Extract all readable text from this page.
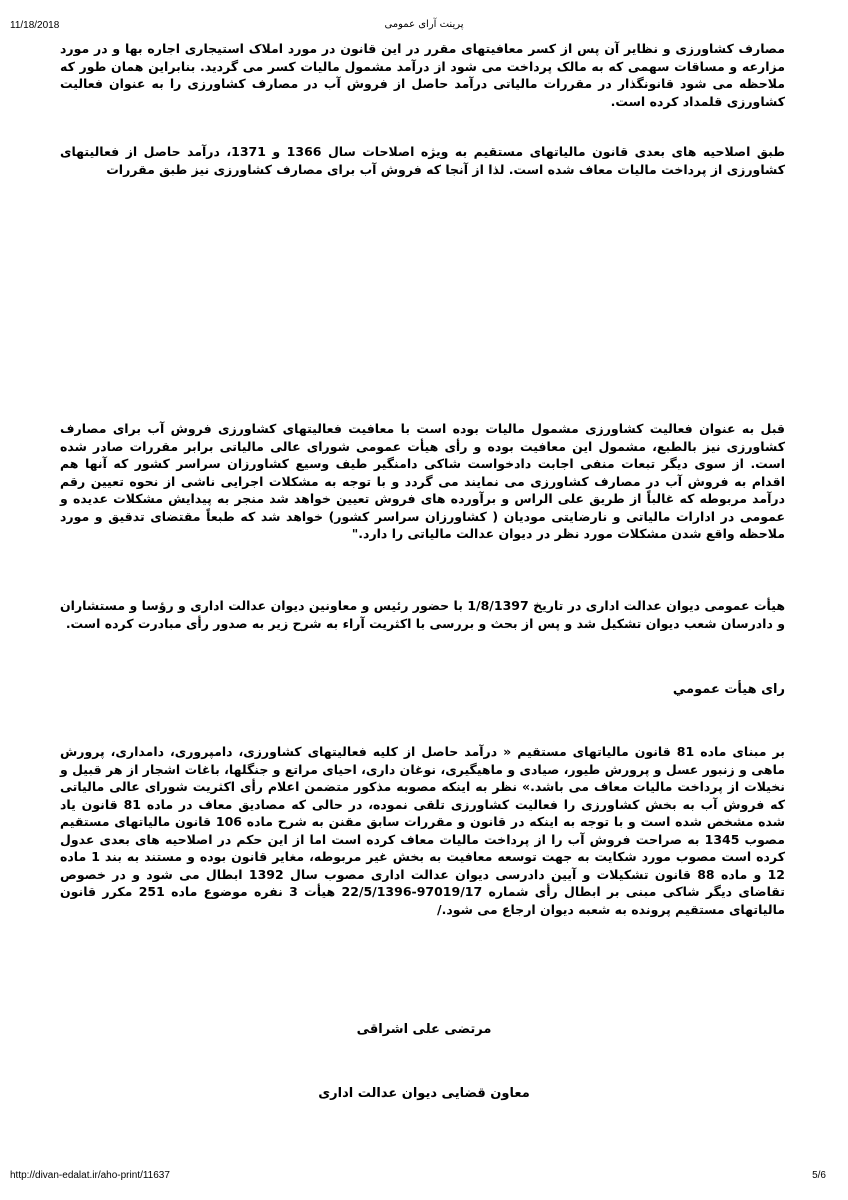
11/18/2018	پرینت آرای عمومی

مصارف کشاورزی و نظایر آن پس از کسر معافیتهای مقرر در این قانون در مورد املاک استیجاری اجاره بها و در مورد مزارعه و مساقات سهمی که به مالک پرداخت می شود از درآمد مشمول مالیات کسر می گردید. بنابراین همان طور که ملاحظه می شود قانونگذار در مقررات مالیاتی درآمد حاصل از فروش آب در مصارف کشاورزی را به عنوان فعالیت کشاورزی قلمداد کرده است.

طبق اصلاحیه های بعدی قانون مالیاتهای مستقیم به ویژه اصلاحات سال 1366 و 1371، درآمد حاصل از فعالیتهای کشاورزی از پرداخت مالیات معاف شده است. لذا از آنجا که فروش آب برای مصارف کشاورزی نیز طبق مقررات

قبل به عنوان فعالیت کشاورزی مشمول مالیات بوده است با معافیت فعالیتهای کشاورزی فروش آب برای مصارف کشاورزی نیز بالطبع، مشمول این معافیت بوده و رأی هیأت عمومی شورای عالی مالیاتی برابر مقررات صادر شده است. از سوی دیگر تبعات منفی اجابت دادخواست شاکی دامنگیر طیف وسیع کشاورزان سراسر کشور که آنها هم اقدام به فروش آب در مصارف کشاورزی می نمایند می گردد و با توجه به مشکلات اجرایی ناشی از نحوه تعیین رقم درآمد مربوطه که غالباً از طریق علی الراس و برآورده های فروش تعیین خواهد شد منجر به پیدایش مشکلات عدیده و عمومی در ادارات مالیاتی و نارضایتی مودیان ( کشاورزان سراسر کشور) خواهد شد که طبعاً مقتضای تدقیق و مورد ملاحظه واقع شدن مشکلات مورد نظر در دیوان عدالت مالیاتی را دارد."

هیأت عمومی دیوان عدالت اداری در تاریخ 1/8/1397 با حضور رئیس و معاونین دیوان عدالت اداری و رؤسا و مستشاران و دادرسان شعب دیوان تشکیل شد و پس از بحث و بررسی با اکثریت آراء به شرح زیر به صدور رأی مبادرت کرده است.

رای هیأت عمومي

بر مبنای ماده 81 قانون مالیاتهای مستقیم « درآمد حاصل از کلیه فعالیتهای کشاورزی، دامپروری، دامداری، پرورش ماهی و زنبور عسل و پرورش طیور، صیادی و ماهیگیری، نوغان داری، احیای مراتع و جنگلها، باغات اشجار از هر قبیل و نخیلات از پرداخت مالیات معاف می باشد.» نظر به اینکه مصوبه مذکور متضمن اعلام رأی اکثریت شورای عالی مالیاتی که فروش آب به بخش کشاورزی را فعالیت کشاورزی تلقی نموده، در حالی که مصادیق معاف در ماده 81 قانون یاد شده مشخص شده است و با توجه به اینکه در قانون و مقررات سابق مقنن به شرح ماده 106 قانون مالیاتهای مستقیم مصوب 1345 به صراحت فروش آب را از پرداخت مالیات معاف کرده است اما از این حکم در اصلاحیه های بعدی عدول کرده است مصوب مورد شکایت به جهت توسعه معافیت به بخش غیر مربوطه، مغایر قانون بوده و مستند به بند 1 ماده 12 و ماده 88 قانون تشکیلات و آیین دادرسی دیوان عدالت اداری مصوب سال 1392 ابطال می شود و در خصوص تقاضای دیگر شاکی مبنی بر ابطال رأی شماره 97019/17-22/5/1396 هیأت 3 نفره موضوع ماده 251 مکرر قانون مالیاتهای مستقیم پرونده به شعبه دیوان ارجاع می شود./

مرتضی علی اشراقی

معاون قضایی دیوان عدالت اداری

http://divan-edalat.ir/aho-print/11637	5/6
